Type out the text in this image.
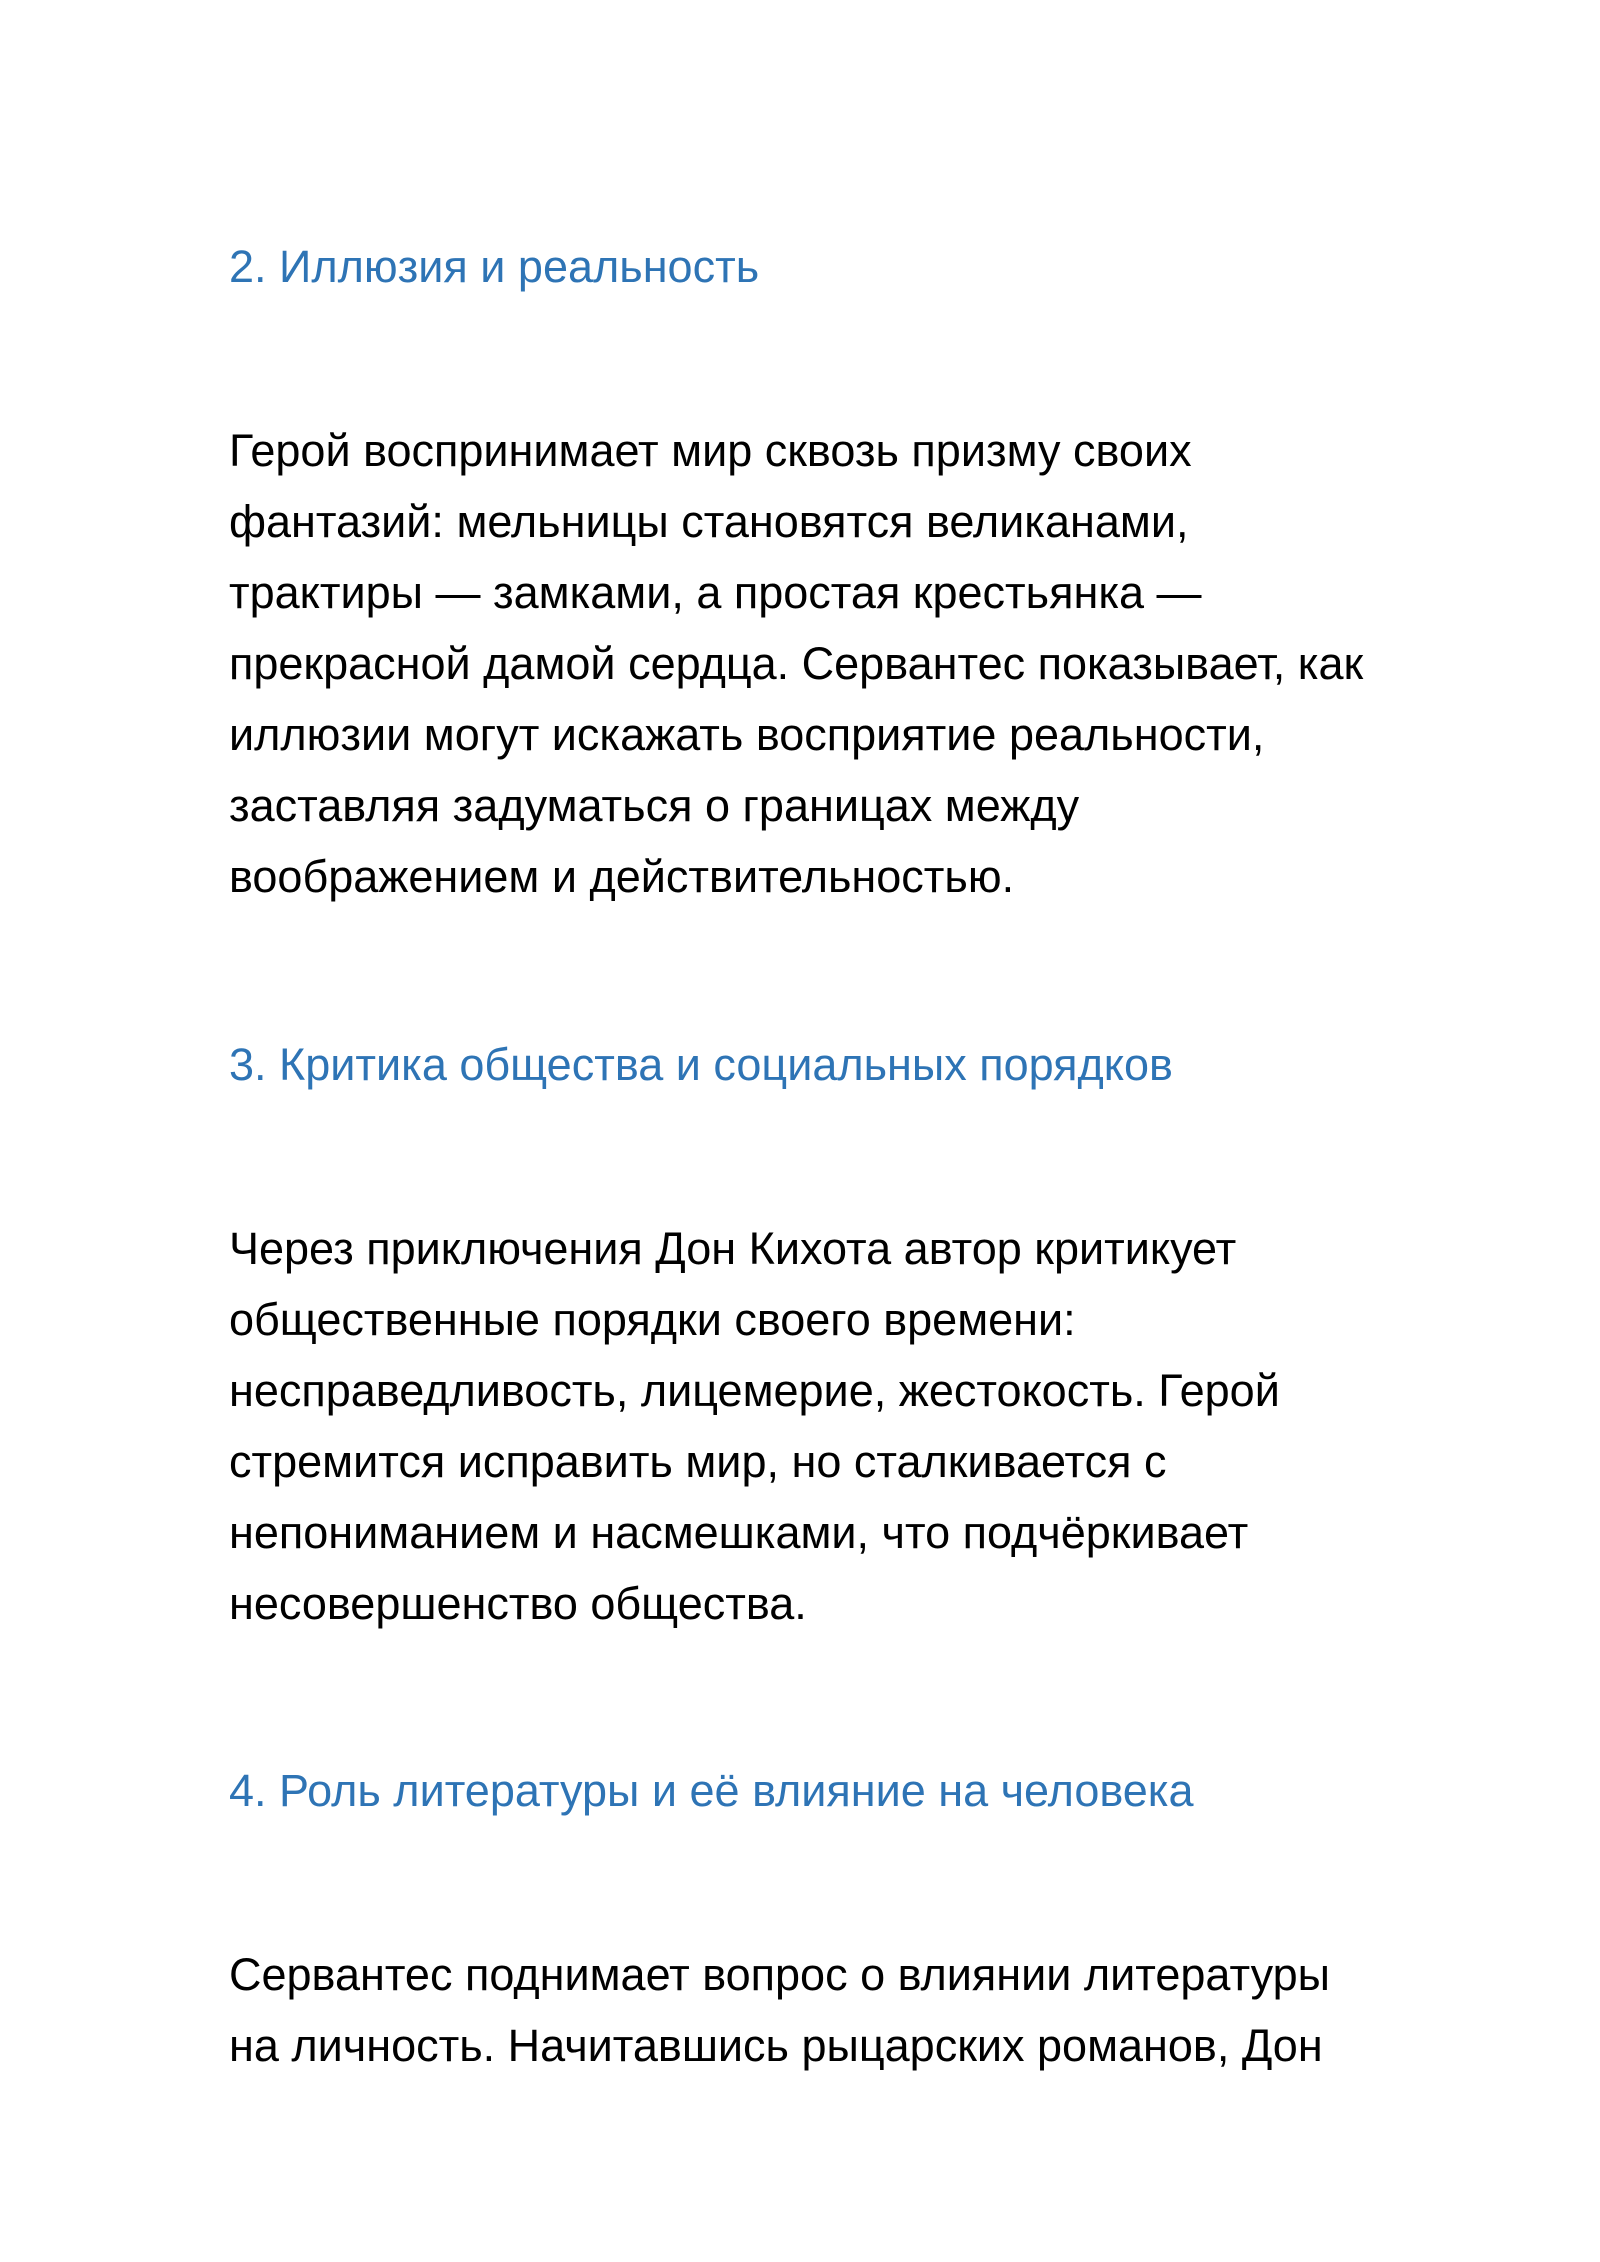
2. Иллюзия и реальность

Герой воспринимает мир сквозь призму своих
фантазий: мельницы становятся великанами,
трактиры — замками, а простая крестьянка —
прекрасной дамой сердца. Сервантес показывает, как
иллюзии могут искажать восприятие реальности,
заставляя задуматься о границах между
воображением и действительностью.

3. Критика общества и социальных порядков

Через приключения Дон Кихота автор критикует
общественные порядки своего времени:
несправедливость, лицемерие, жестокость. Герой
стремится исправить мир, но сталкивается с
непониманием и насмешками, что подчёркивает
несовершенство общества.

4. Роль литературы и её влияние на человека

Сервантес поднимает вопрос о влиянии литературы
на личность. Начитавшись рыцарских романов, Дон
